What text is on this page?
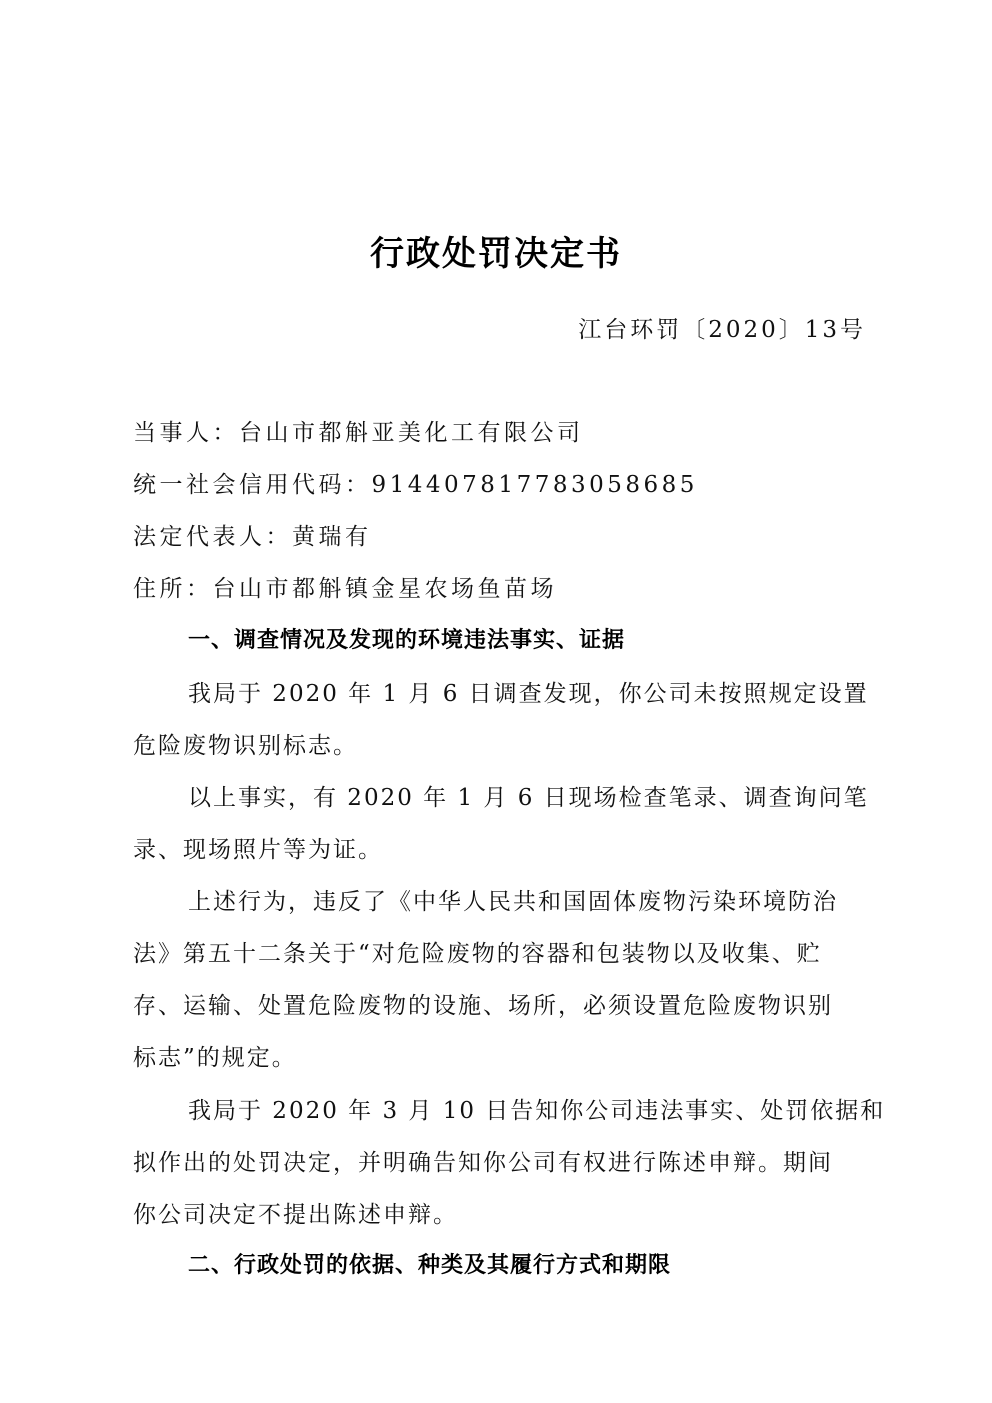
行政处罚决定书
江台环罚〔2020〕13号
当事人：台山市都斛亚美化工有限公司
统一社会信用代码：914407817783058685
法定代表人：黄瑞有
住所：台山市都斛镇金星农场鱼苗场
一、调查情况及发现的环境违法事实、证据
我局于 2020 年 1 月 6 日调查发现，你公司未按照规定设置
危险废物识别标志。
以上事实，有 2020 年 1 月 6 日现场检查笔录、调查询问笔
录、现场照片等为证。
上述行为，违反了《中华人民共和国固体废物污染环境防治
法》第五十二条关于“对危险废物的容器和包装物以及收集、贮
存、运输、处置危险废物的设施、场所，必须设置危险废物识别
标志”的规定。
我局于 2020 年 3 月 10 日告知你公司违法事实、处罚依据和
拟作出的处罚决定，并明确告知你公司有权进行陈述申辩。期间
你公司决定不提出陈述申辩。
二、行政处罚的依据、种类及其履行方式和期限
